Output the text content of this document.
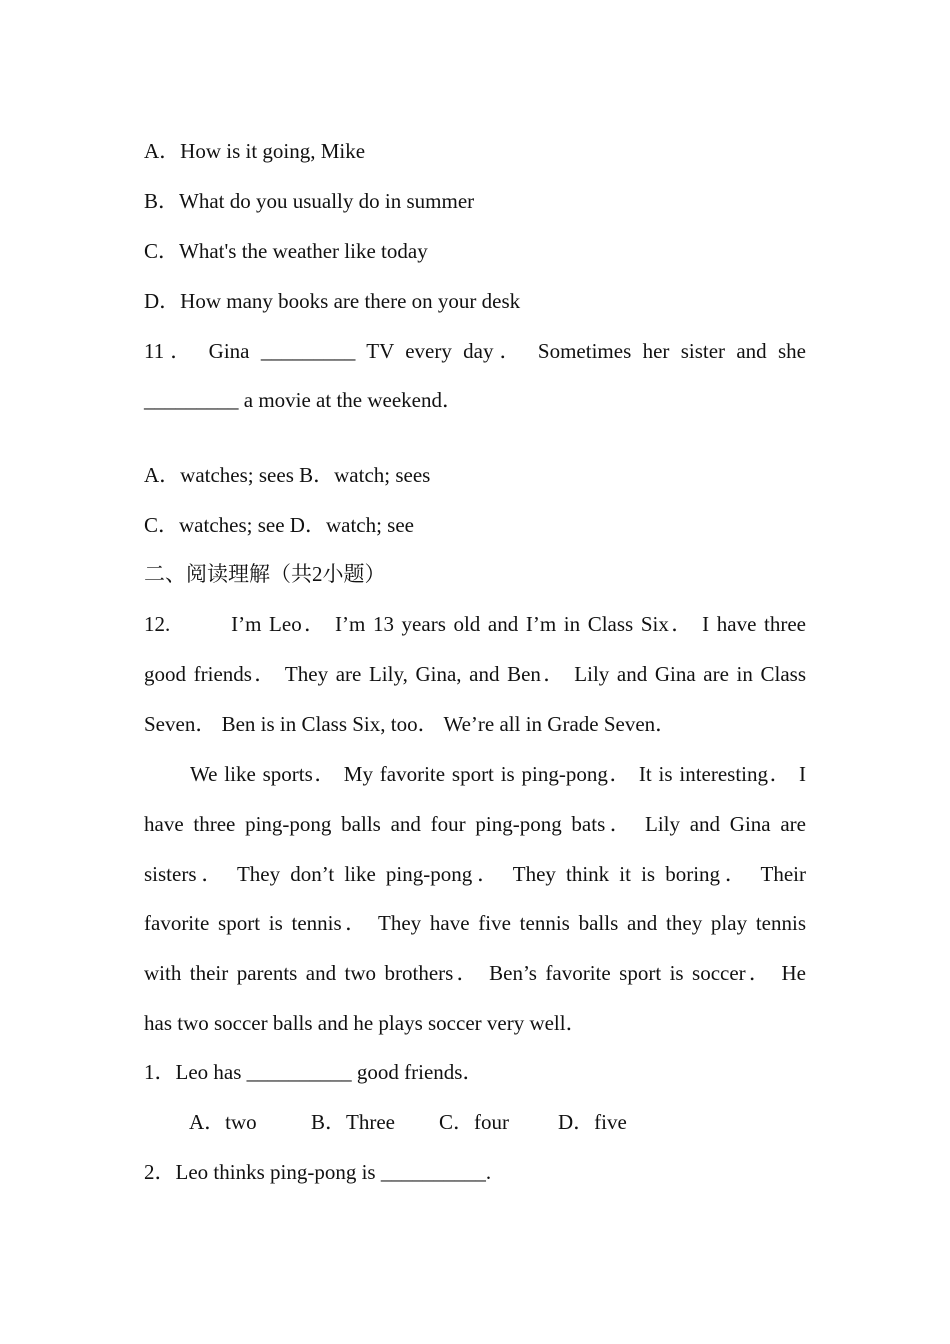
A．How is it going, Mike
B．What do you usually do in summer
C．What's the weather like today
D．How many books are there on your desk
11． Gina _________ TV every day． Sometimes her sister and she
_________ a movie at the weekend．
A．watches; sees B．watch; sees
C．watches; see D．watch; see
二、阅读理解（共2小题）
12.        I’m Leo． I’m 13 years old and I’m in Class Six． I have three
good friends． They are Lily, Gina, and Ben． Lily and Gina are in Class
Seven． Ben is in Class Six, too． We’re all in Grade Seven．
We like sports． My favorite sport is ping-pong． It is interesting． I
have three ping-pong balls and four ping-pong bats． Lily and Gina are
sisters． They don’t like ping-pong． They think it is boring． Their
favorite sport is tennis． They have five tennis balls and they play tennis
with their parents and two brothers． Ben’s favorite sport is soccer． He
has two soccer balls and he plays soccer very well．
1．Leo has __________ good friends．
A．two	B．Three C．four D．five
2．Leo thinks ping-pong is __________.
